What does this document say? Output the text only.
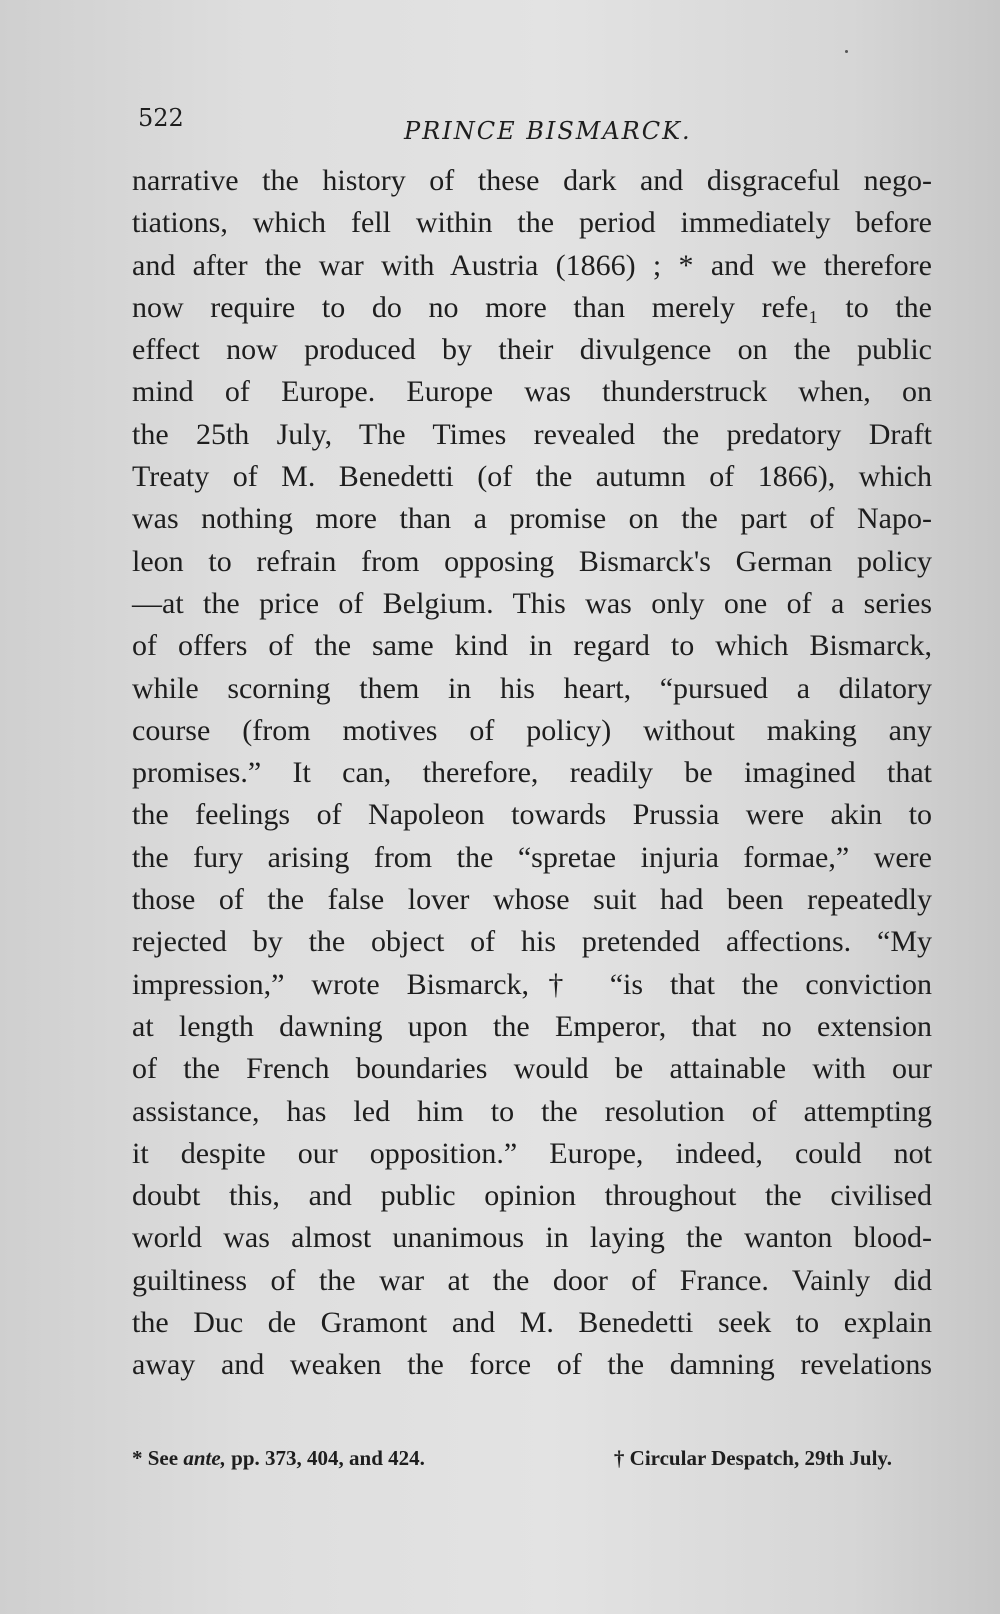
522	PRINCE BISMARCK.
narrative the history of these dark and disgraceful nego-
tiations, which fell within the period immediately before
and after the war with Austria (1866) ; * and we therefore
now require to do no more than merely refe₁ to the
effect now produced by their divulgence on the public
mind of Europe. Europe was thunderstruck when, on
the 25th July, The Times revealed the predatory Draft
Treaty of M. Benedetti (of the autumn of 1866), which
was nothing more than a promise on the part of Napo-
leon to refrain from opposing Bismarck's German policy
—at the price of Belgium. This was only one of a series
of offers of the same kind in regard to which Bismarck,
while scorning them in his heart, “pursued a dilatory
course (from motives of policy) without making any
promises.” It can, therefore, readily be imagined that
the feelings of Napoleon towards Prussia were akin to
the fury arising from the “spretae injuria formae,” were
those of the false lover whose suit had been repeatedly
rejected by the object of his pretended affections. “My
impression,” wrote Bismarck,† “is that the conviction
at length dawning upon the Emperor, that no extension
of the French boundaries would be attainable with our
assistance, has led him to the resolution of attempting
it despite our opposition.” Europe, indeed, could not
doubt this, and public opinion throughout the civilised
world was almost unanimous in laying the wanton blood-
guiltiness of the war at the door of France. Vainly did
the Duc de Gramont and M. Benedetti seek to explain
away and weaken the force of the damning revelations
* See ante, pp. 373, 404, and 424.	† Circular Despatch, 29th July.
